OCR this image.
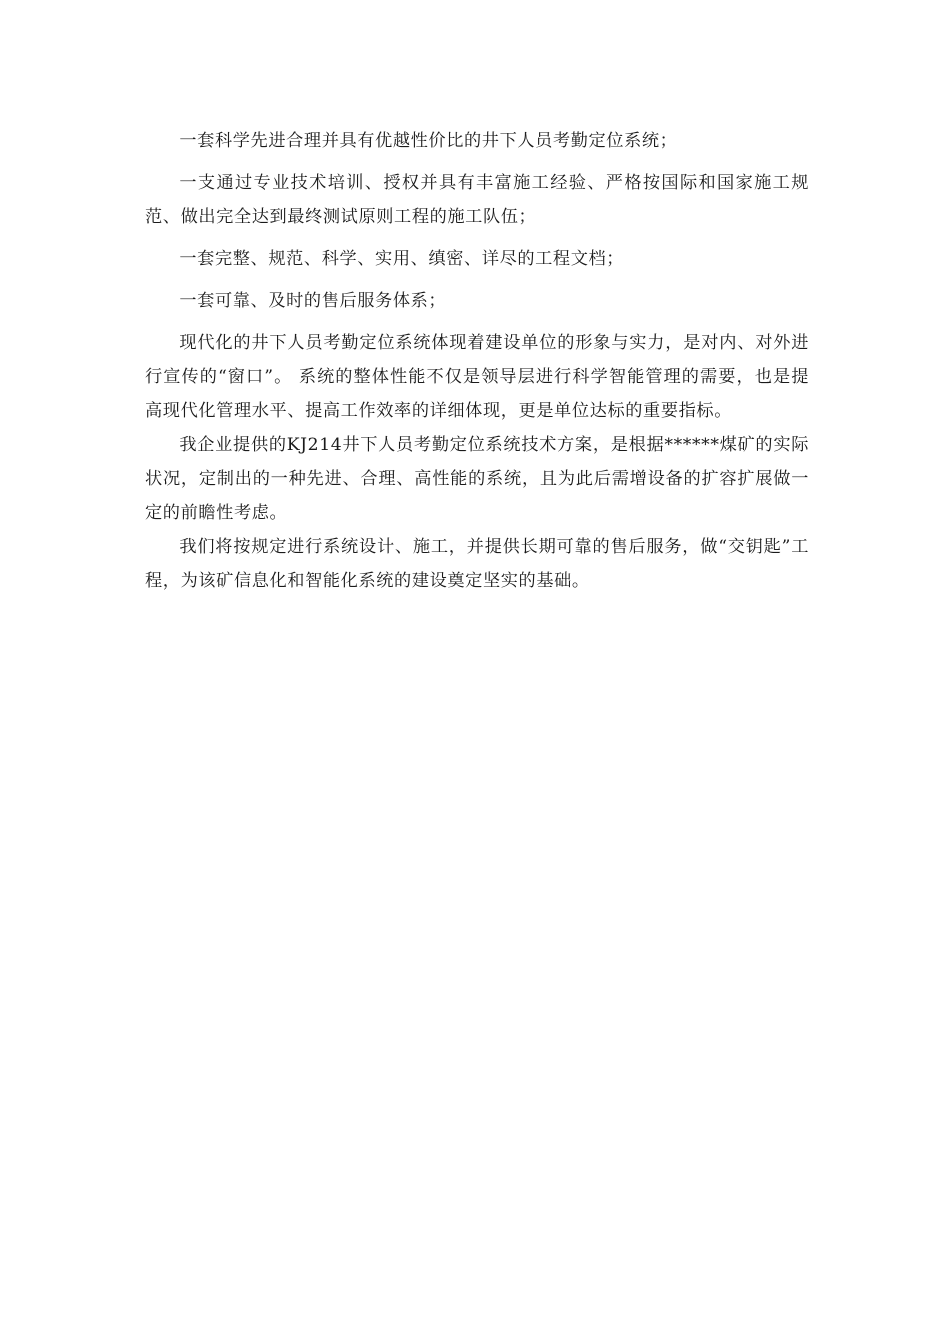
一套科学先进合理并具有优越性价比的井下人员考勤定位系统；

一支通过专业技术培训、授权并具有丰富施工经验、严格按国际和国家施工规范、做出完全达到最终测试原则工程的施工队伍；

一套完整、规范、科学、实用、缜密、详尽的工程文档；

一套可靠、及时的售后服务体系；

现代化的井下人员考勤定位系统体现着建设单位的形象与实力，是对内、对外进行宣传的“窗口”。 系统的整体性能不仅是领导层进行科学智能管理的需要，也是提高现代化管理水平、提高工作效率的详细体现，更是单位达标的重要指标。

我企业提供的KJ214井下人员考勤定位系统技术方案，是根据******煤矿的实际状况，定制出的一种先进、合理、高性能的系统，且为此后需增设备的扩容扩展做一定的前瞻性考虑。

我们将按规定进行系统设计、施工，并提供长期可靠的售后服务，做“交钥匙”工程，为该矿信息化和智能化系统的建设奠定坚实的基础。
